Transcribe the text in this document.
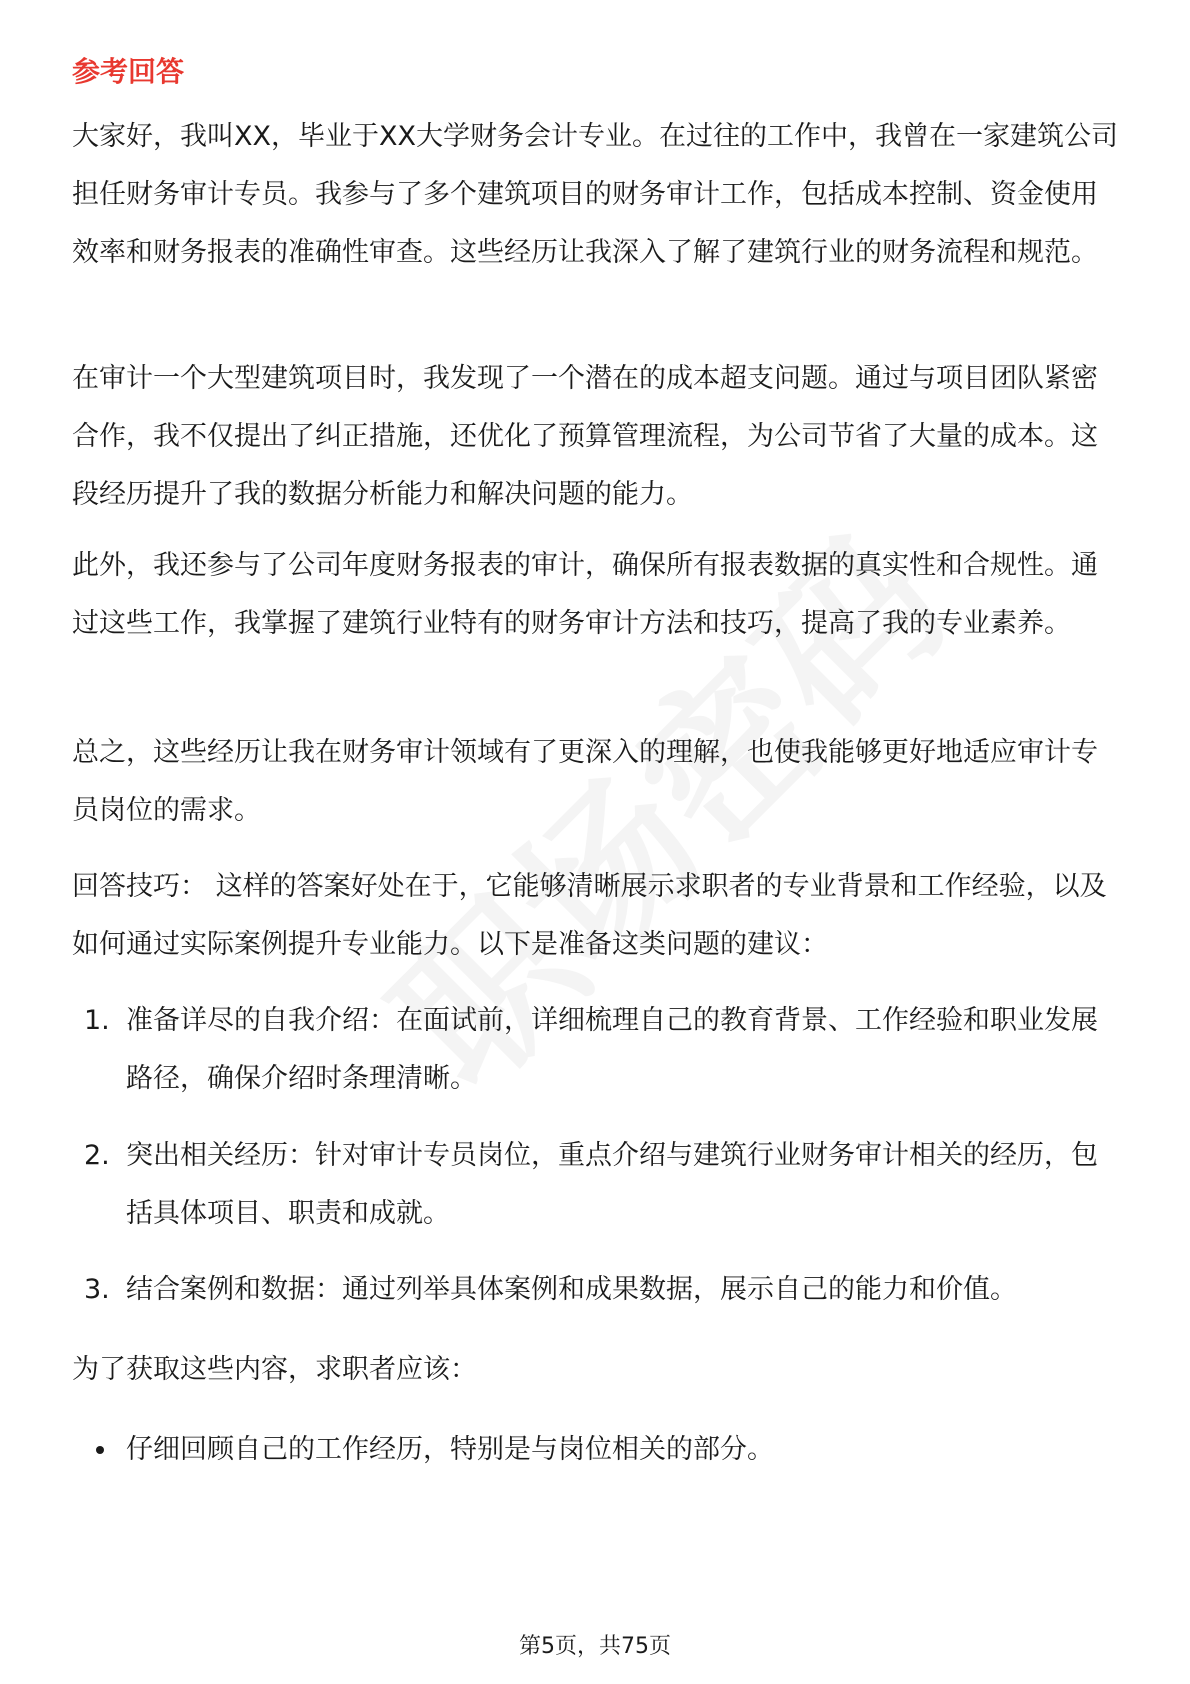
参考回答

大家好，我叫XX，毕业于XX大学财务会计专业。在过往的工作中，我曾在一家建筑公司担任财务审计专员。我参与了多个建筑项目的财务审计工作，包括成本控制、资金使用效率和财务报表的准确性审查。这些经历让我深入了解了建筑行业的财务流程和规范。

在审计一个大型建筑项目时，我发现了一个潜在的成本超支问题。通过与项目团队紧密合作，我不仅提出了纠正措施，还优化了预算管理流程，为公司节省了大量的成本。这段经历提升了我的数据分析能力和解决问题的能力。

此外，我还参与了公司年度财务报表的审计，确保所有报表数据的真实性和合规性。通过这些工作，我掌握了建筑行业特有的财务审计方法和技巧，提高了我的专业素养。

总之，这些经历让我在财务审计领域有了更深入的理解，也使我能够更好地适应审计专员岗位的需求。

回答技巧： 这样的答案好处在于，它能够清晰展示求职者的专业背景和工作经验，以及如何通过实际案例提升专业能力。以下是准备这类问题的建议：

1. 准备详尽的自我介绍：在面试前，详细梳理自己的教育背景、工作经验和职业发展路径，确保介绍时条理清晰。
2. 突出相关经历：针对审计专员岗位，重点介绍与建筑行业财务审计相关的经历，包括具体项目、职责和成就。
3. 结合案例和数据：通过列举具体案例和成果数据，展示自己的能力和价值。

为了获取这些内容，求职者应该：

仔细回顾自己的工作经历，特别是与岗位相关的部分。
第5页，共75页
